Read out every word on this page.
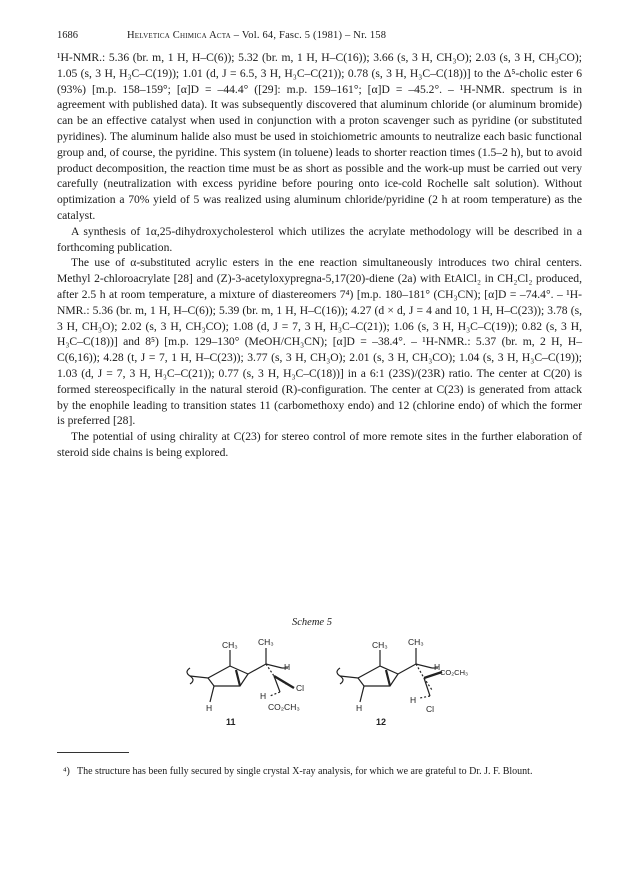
1686	Helvetica Chimica Acta – Vol. 64, Fasc. 5 (1981) – Nr. 158

¹H-NMR.: 5.36 (br. m, 1 H, H–C(6)); 5.32 (br. m, 1 H, H–C(16)); 3.66 (s, 3 H, CH₃O); 2.03 (s, 3 H, CH₃CO); 1.05 (s, 3 H, H₃C–C(19)); 1.01 (d, J = 6.5, 3 H, H₃C–C(21)); 0.78 (s, 3 H, H₃C–C(18))] to the Δ⁵-cholic ester 6 (93%) [m.p. 158–159°; [α]D = –44.4° ([29]: m.p. 159–161°; [α]D = –45.2°. – ¹H-NMR. spectrum is in agreement with published data). It was subsequently discovered that aluminum chloride (or aluminum bromide) can be an effective catalyst when used in conjunction with a proton scavenger such as pyridine (or substituted pyridines). The aluminum halide also must be used in stoichiometric amounts to neutralize each basic functional group and, of course, the pyridine. This system (in toluene) leads to shorter reaction times (1.5–2 h), but to avoid product decomposition, the reaction time must be as short as possible and the work-up must be carried out very carefully (neutralization with excess pyridine before pouring onto ice-cold Rochelle salt solution). Without optimization a 70% yield of 5 was realized using aluminum chloride/pyridine (2 h at room temperature) as the catalyst.

A synthesis of 1α,25-dihydroxycholesterol which utilizes the acrylate methodology will be described in a forthcoming publication.

The use of α-substituted acrylic esters in the ene reaction simultaneously introduces two chiral centers. Methyl 2-chloroacrylate [28] and (Z)-3-acetyloxypregna-5,17(20)-diene (2a) with EtAlCl₂ in CH₂Cl₂ produced, after 2.5 h at room temperature, a mixture of diastereomers 7⁴) [m.p. 180–181° (CH₃CN); [α]D = –74.4°. – ¹H-NMR.: 5.36 (br. m, 1 H, H–C(6)); 5.39 (br. m, 1 H, H–C(16)); 4.27 (d × d, J = 4 and 10, 1 H, H–C(23)); 3.78 (s, 3 H, CH₃O); 2.02 (s, 3 H, CH₃CO); 1.08 (d, J = 7, 3 H, H₃C–C(21)); 1.06 (s, 3 H, H₃C–C(19)); 0.82 (s, 3 H, H₃C–C(18))] and 8⁵) [m.p. 129–130° (MeOH/CH₃CN); [α]D = –38.4°. – ¹H-NMR.: 5.37 (br. m, 2 H, H–C(6,16)); 4.28 (t, J = 7, 1 H, H–C(23)); 3.77 (s, 3 H, CH₃O); 2.01 (s, 3 H, CH₃CO); 1.04 (s, 3 H, H₃C–C(19)); 1.03 (d, J = 7, 3 H, H₃C–C(21)); 0.77 (s, 3 H, H₃C–C(18))] in a 6:1 (23S)/(23R) ratio. The center at C(20) is formed stereospecifically in the natural steroid (R)-configuration. The center at C(23) is generated from attack by the enophile leading to transition states 11 (carbomethoxy endo) and 12 (chlorine endo) of which the former is preferred [28].

The potential of using chirality at C(23) for stereo control of more remote sites in the further elaboration of steroid side chains is being explored.

Scheme 5
CH₃ CH₃
H
Cl
H
H
CO₂CH₃
11
CH₃ CH₃
H
CO₂CH₃
H
H
Cl
12
⁴) The structure has been fully secured by single crystal X-ray analysis, for which we are grateful to Dr. J. F. Blount.
